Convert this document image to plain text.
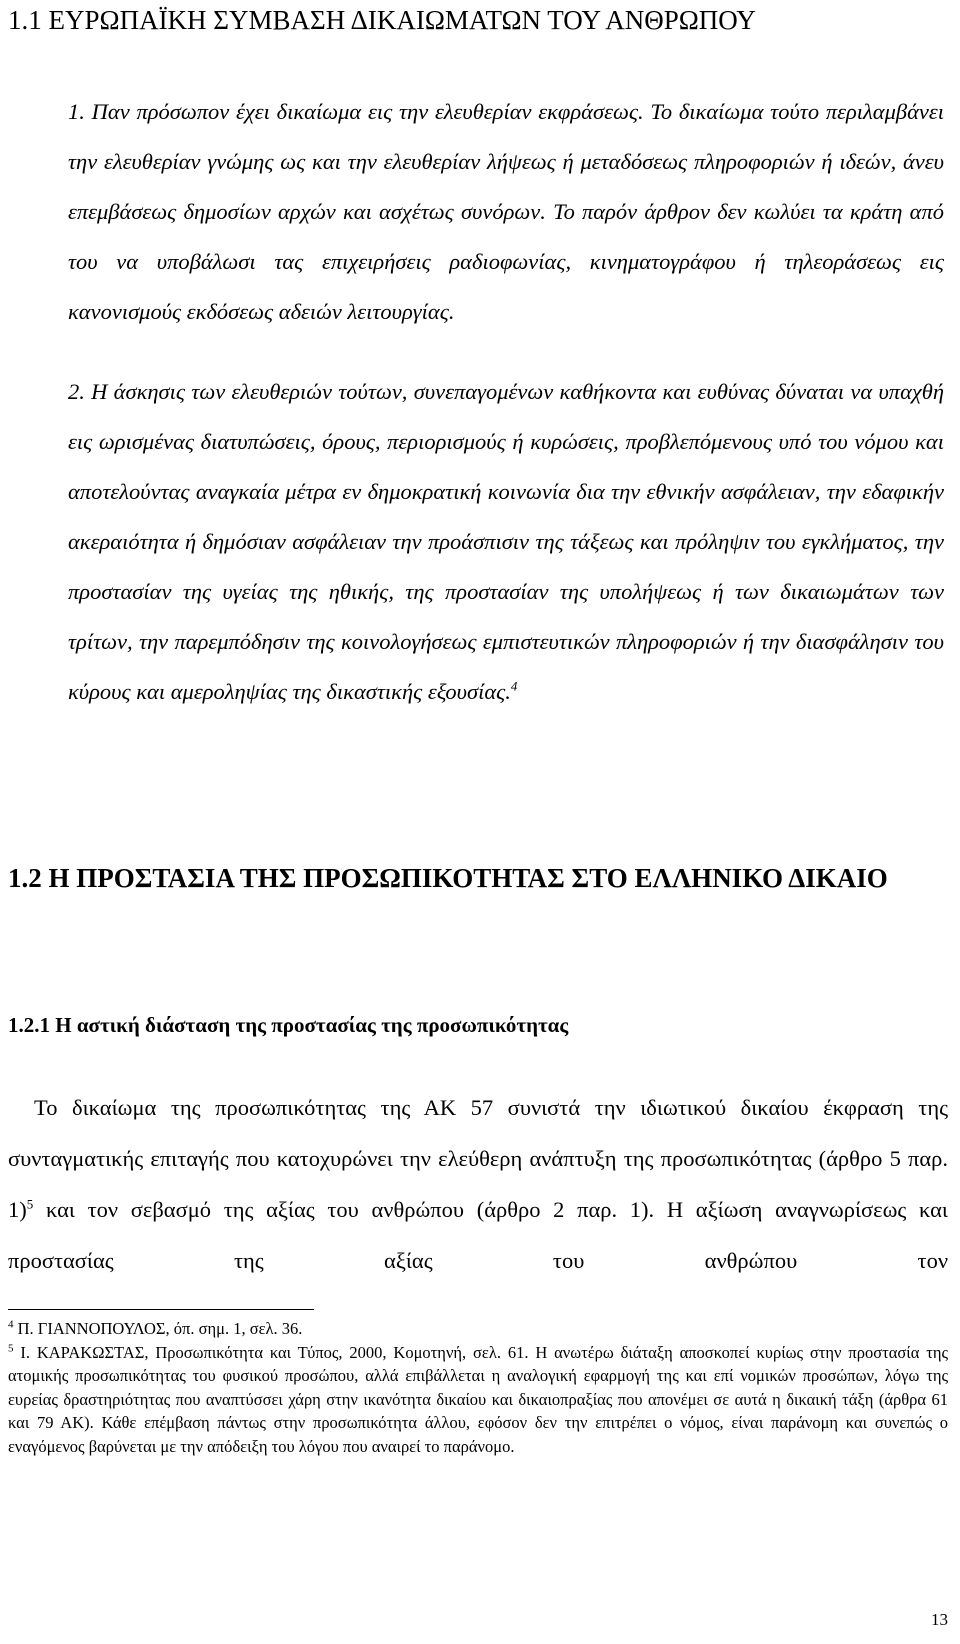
1.1 ΕΥΡΩΠΑΪΚΗ ΣΥΜΒΑΣΗ ΔΙΚΑΙΩΜΑΤΩΝ ΤΟΥ ΑΝΘΡΩΠΟΥ

1. Παν πρόσωπον έχει δικαίωμα εις την ελευθερίαν εκφράσεως. Το δικαίωμα τούτο περιλαμβάνει την ελευθερίαν γνώμης ως και την ελευθερίαν λήψεως ή μεταδόσεως πληροφοριών ή ιδεών, άνευ επεμβάσεως δημοσίων αρχών και ασχέτως συνόρων. Το παρόν άρθρον δεν κωλύει τα κράτη από του να υποβάλωσι τας επιχειρήσεις ραδιοφωνίας, κινηματογράφου ή τηλεοράσεως εις κανονισμούς εκδόσεως αδειών λειτουργίας.

2. Η άσκησις των ελευθεριών τούτων, συνεπαγομένων καθήκοντα και ευθύνας δύναται να υπαχθή εις ωρισμένας διατυπώσεις, όρους, περιορισμούς ή κυρώσεις, προβλεπόμενους υπό του νόμου και αποτελούντας αναγκαία μέτρα εν δημοκρατική κοινωνία δια την εθνικήν ασφάλειαν, την εδαφικήν ακεραιότητα ή δημόσιαν ασφάλειαν την προάσπισιν της τάξεως και πρόληψιν του εγκλήματος, την προστασίαν της υγείας της ηθικής, της προστασίαν της υπολήψεως ή των δικαιωμάτων των τρίτων, την παρεμπόδησιν της κοινολογήσεως εμπιστευτικών πληροφοριών ή την διασφάλησιν του κύρους και αμεροληψίας της δικαστικής εξουσίας.$^4$

1.2 Η ΠΡΟΣΤΑΣΙΑ ΤΗΣ ΠΡΟΣΩΠΙΚΟΤΗΤΑΣ ΣΤΟ ΕΛΛΗΝΙΚΟ ΔΙΚΑΙΟ
1.2.1 Η αστική διάσταση της προστασίας της προσωπικότητας

Το δικαίωμα της προσωπικότητας της ΑΚ 57 συνιστά την ιδιωτικού δικαίου έκφραση της συνταγματικής επιταγής που κατοχυρώνει την ελεύθερη ανάπτυξη της προσωπικότητας (άρθρο 5 παρ. 1)$^5$ και τον σεβασμό της αξίας του ανθρώπου (άρθρο 2 παρ. 1). Η αξίωση αναγνωρίσεως και προστασίας της αξίας του ανθρώπου τον

$^4$ Π. ΓΙΑΝΝΟΠΟΥΛΟΣ, όπ. σημ. 1, σελ. 36.

$^5$ Ι. ΚΑΡΑΚΩΣΤΑΣ, Προσωπικότητα και Τύπος, 2000, Κομοτηνή, σελ. 61. Η ανωτέρω διάταξη αποσκοπεί κυρίως στην προστασία της ατομικής προσωπικότητας του φυσικού προσώπου, αλλά επιβάλλεται η αναλογική εφαρμογή της και επί νομικών προσώπων, λόγω της ευρείας δραστηριότητας που αναπτύσσει χάρη στην ικανότητα δικαίου και δικαιοπραξίας που απονέμει σε αυτά η δικαική τάξη (άρθρα 61 και 79 ΑΚ). Κάθε επέμβαση πάντως στην προσωπικότητα άλλου, εφόσον δεν την επιτρέπει ο νόμος, είναι παράνομη και συνεπώς ο εναγόμενος βαρύνεται με την απόδειξη του λόγου που αναιρεί το παράνομο.

13
